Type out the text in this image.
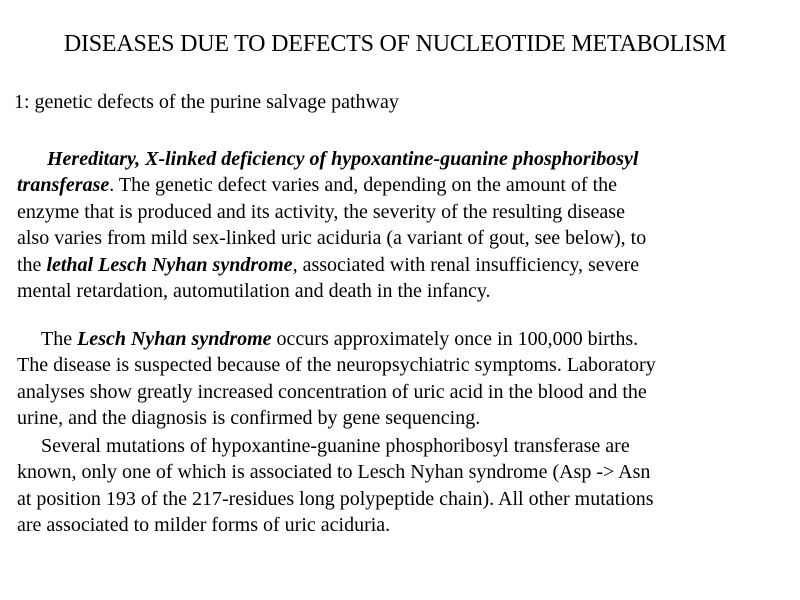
DISEASES DUE TO DEFECTS OF NUCLEOTIDE METABOLISM
1: genetic defects of the purine salvage pathway
Hereditary, X-linked deficiency of hypoxantine-guanine phosphoribosyl
transferase. The genetic defect varies and, depending on the amount of the
enzyme that is produced and its activity, the severity of the resulting disease
also varies from mild sex-linked uric aciduria (a variant of gout, see below), to
the lethal Lesch Nyhan syndrome, associated with renal insufficiency, severe
mental retardation, automutilation and death in the infancy.
The Lesch Nyhan syndrome occurs approximately once in 100,000 births.
The disease is suspected because of the neuropsychiatric symptoms. Laboratory
analyses show greatly increased concentration of uric acid in the blood and the
urine, and the diagnosis is confirmed by gene sequencing.
Several mutations of hypoxantine-guanine phosphoribosyl transferase are
known, only one of which is associated to Lesch Nyhan syndrome (Asp -> Asn
at position 193 of the 217-residues long polypeptide chain). All other mutations
are associated to milder forms of uric aciduria.
